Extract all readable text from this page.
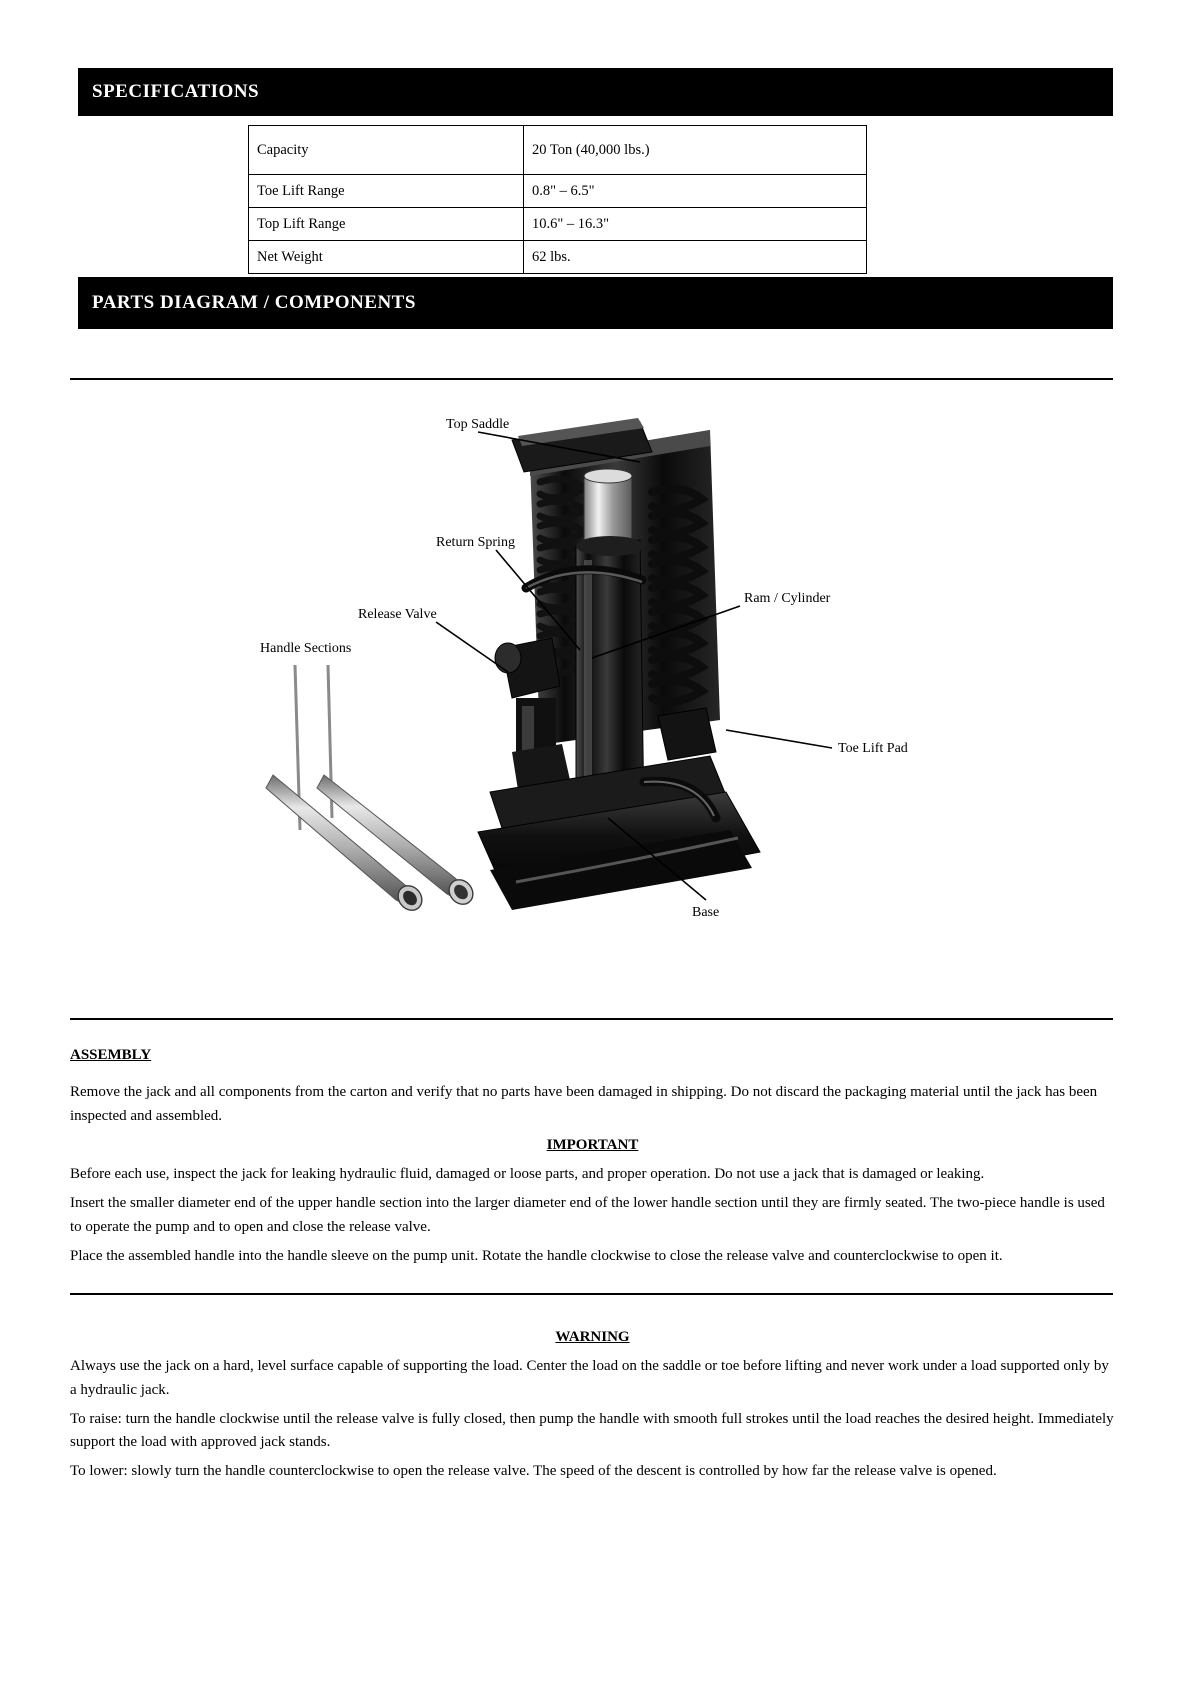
SPECIFICATIONS
Capacity	20 Ton (40,000 lbs.)
Toe Lift Range	0.8" – 6.5"
Top Lift Range	10.6" – 16.3"
Net Weight	62 lbs.
PARTS DIAGRAM / COMPONENTS
Top Saddle
Return Spring
Release Valve
Ram / Cylinder
Toe Lift Pad
Base
Handle Sections

ASSEMBLY

Remove the jack and all components from the carton and verify that no parts have been damaged in shipping. Do not discard the packaging material until the jack has been inspected and assembled.

IMPORTANT

Before each use, inspect the jack for leaking hydraulic fluid, damaged or loose parts, and proper operation. Do not use a jack that is damaged or leaking.

Insert the smaller diameter end of the upper handle section into the larger diameter end of the lower handle section until they are firmly seated. The two-piece handle is used to operate the pump and to open and close the release valve.

Place the assembled handle into the handle sleeve on the pump unit. Rotate the handle clockwise to close the release valve and counterclockwise to open it.

WARNING

Always use the jack on a hard, level surface capable of supporting the load. Center the load on the saddle or toe before lifting and never work under a load supported only by a hydraulic jack.

To raise: turn the handle clockwise until the release valve is fully closed, then pump the handle with smooth full strokes until the load reaches the desired height. Immediately support the load with approved jack stands.

To lower: slowly turn the handle counterclockwise to open the release valve. The speed of the descent is controlled by how far the release valve is opened.
